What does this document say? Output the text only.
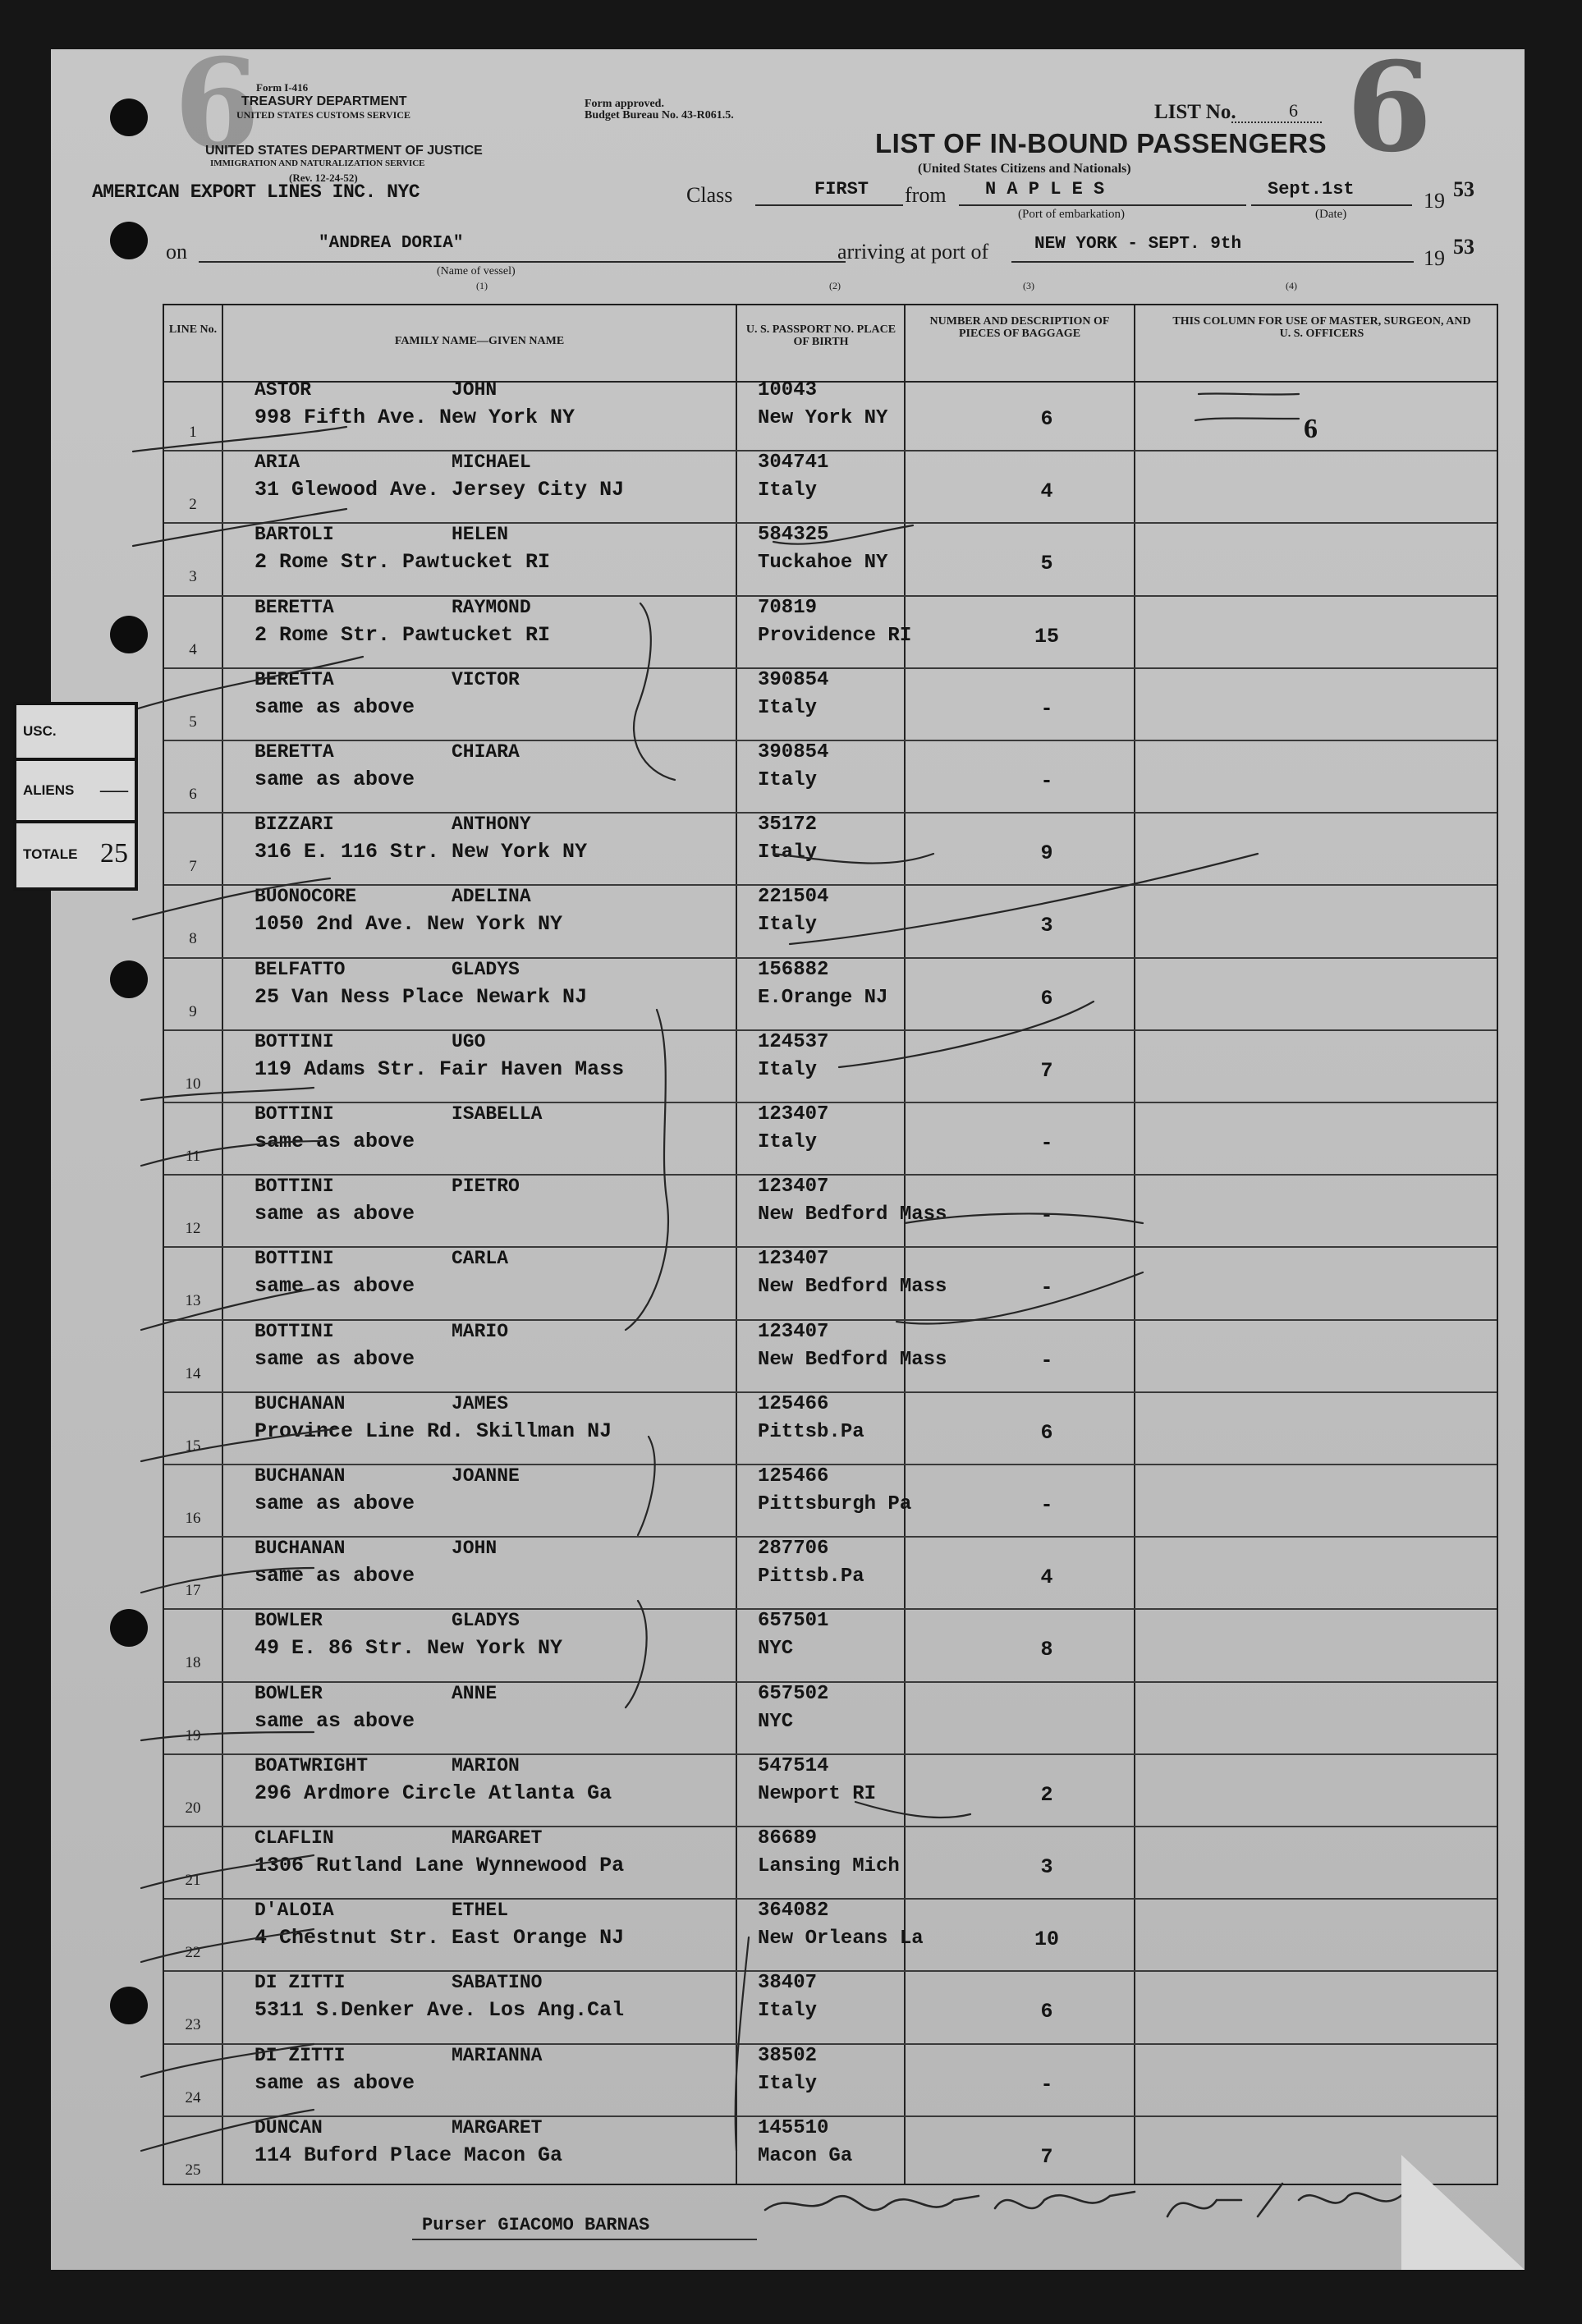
6	6
Form I-416
TREASURY DEPARTMENT
UNITED STATES CUSTOMS SERVICE
UNITED STATES DEPARTMENT OF JUSTICE
IMMIGRATION AND NATURALIZATION SERVICE
(Rev. 12-24-52)
AMERICAN EXPORT LINES INC. NYC
Form approved.
Budget Bureau No. 43-R061.5.	LIST No.	6
LIST OF IN-BOUND PASSENGERS
(United States Citizens and Nationals)
Class	FIRST from N A P L E S
(Port of embarkation)
Sept.1st
(Date)
19 53
on	"ANDREA DORIA"
(Name of vessel)
(1)
arriving at port of	NEW YORK - SEPT. 9th
19 53
(2)	(3)	(4)
LINE No.
FAMILY NAME—GIVEN NAME
U. S. PASSPORT NO. PLACE OF BIRTH
NUMBER AND DESCRIPTION OF PIECES OF BAGGAGE
THIS COLUMN FOR USE OF MASTER, SURGEON, AND U. S. OFFICERS
6
1
ASTOR	JOHN
998 Fifth Ave. New York NY
10043
New York NY	6
2
ARIA	MICHAEL
31 Glewood Ave. Jersey City NJ
304741
Italy	4
3
BARTOLI	HELEN
2 Rome Str. Pawtucket RI
584325
Tuckahoe NY	5
4
BERETTA	RAYMOND
2 Rome Str. Pawtucket RI
70819
Providence RI	15
5
BERETTA	VICTOR
same as above
390854
Italy	-
6
BERETTA	CHIARA
same as above
390854
Italy	-
7
BIZZARI	ANTHONY
316 E. 116 Str. New York NY
35172
Italy	9
8
BUONOCORE	ADELINA
1050 2nd Ave. New York NY
221504
Italy	3
9
BELFATTO	GLADYS
25 Van Ness Place Newark NJ
156882
E.Orange NJ	6
10
BOTTINI	UGO
119 Adams Str. Fair Haven Mass
124537
Italy	7
11
BOTTINI	ISABELLA
same as above
123407
Italy	-
12
BOTTINI	PIETRO
same as above
123407
New Bedford Mass	-
13
BOTTINI	CARLA
same as above
123407
New Bedford Mass	-
14
BOTTINI	MARIO
same as above
123407
New Bedford Mass	-
15
BUCHANAN	JAMES
Province Line Rd. Skillman NJ
125466
Pittsb.Pa	6
16
BUCHANAN	JOANNE
same as above
125466
Pittsburgh Pa	-
17
BUCHANAN	JOHN
same as above
287706
Pittsb.Pa	4
18
BOWLER	GLADYS
49 E. 86 Str. New York NY
657501
NYC	8
19
BOWLER	ANNE
same as above
657502
NYC
20
BOATWRIGHT	MARION
296 Ardmore Circle Atlanta Ga
547514
Newport RI	2
21
CLAFLIN	MARGARET
1306 Rutland Lane Wynnewood Pa
86689
Lansing Mich	3
22
D'ALOIA	ETHEL
4 Chestnut Str. East Orange NJ
364082
New Orleans La	10
23
DI ZITTI	SABATINO
5311 S.Denker Ave. Los Ang.Cal
38407
Italy	6
24
DI ZITTI	MARIANNA
same as above
38502
Italy	-
25
DUNCAN	MARGARET
114 Buford Place Macon Ga
145510
Macon Ga	7
Purser GIACOMO BARNAS
USC.
ALIENS —
TOTALE 25
